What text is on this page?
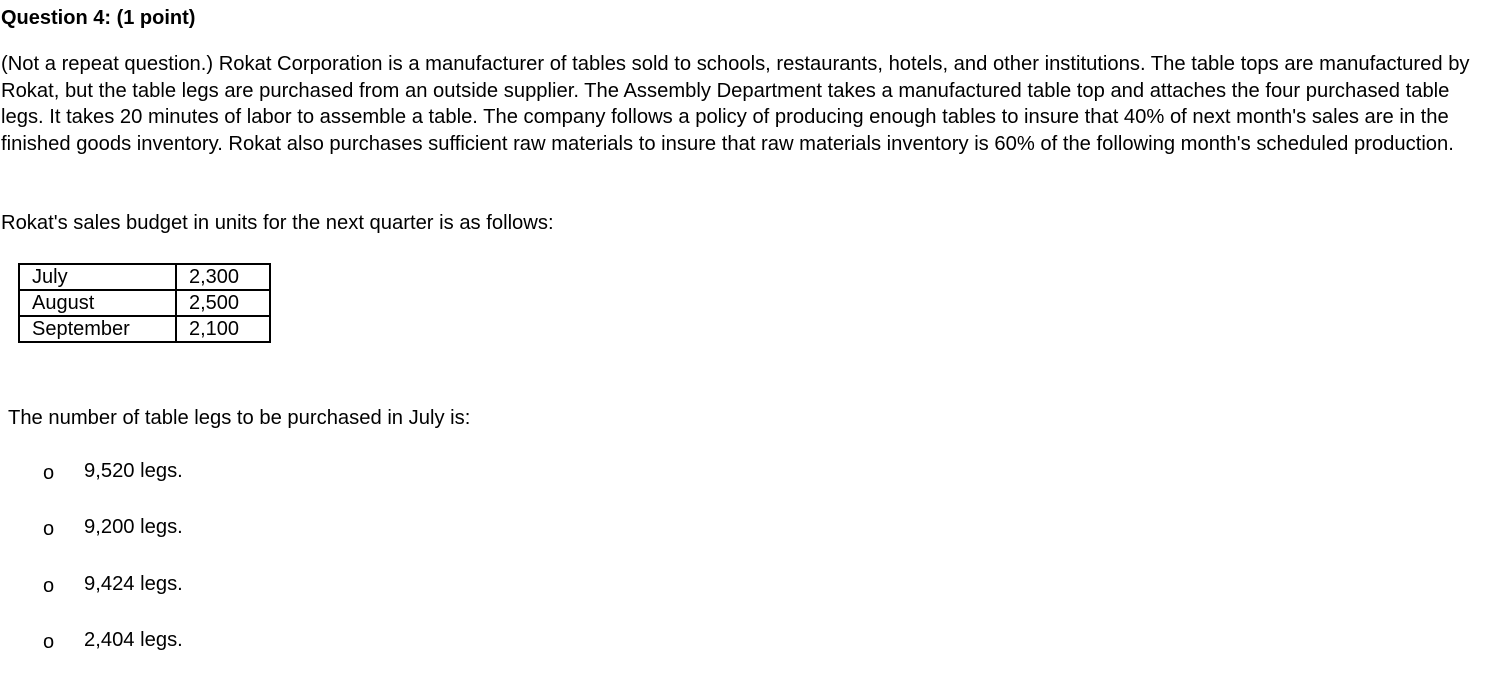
Question 4: (1 point)

(Not a repeat question.) Rokat Corporation is a manufacturer of tables sold to schools, restaurants, hotels, and other institutions. The table tops are manufactured by Rokat, but the table legs are purchased from an outside supplier. The Assembly Department takes a manufactured table top and attaches the four purchased table legs. It takes 20 minutes of labor to assemble a table. The company follows a policy of producing enough tables to insure that 40% of next month's sales are in the finished goods inventory. Rokat also purchases sufficient raw materials to insure that raw materials inventory is 60% of the following month's scheduled production.

Rokat's sales budget in units for the next quarter is as follows:

July	2,300
August	2,500
September	2,100

The number of table legs to be purchased in July is:

o 9,520 legs.
o 9,200 legs.
o 9,424 legs.
o 2,404 legs.
